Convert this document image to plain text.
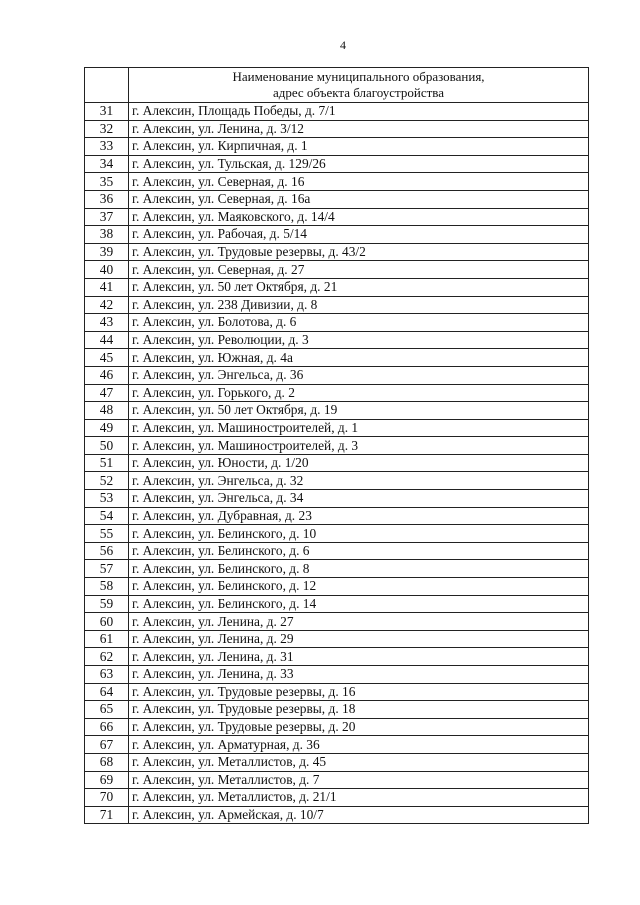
4

	Наименование муниципального образования,
адрес объекта благоустройства

31	г. Алексин, Площадь Победы, д. 7/1
32	г. Алексин, ул. Ленина, д. 3/12
33	г. Алексин, ул. Кирпичная, д. 1
34	г. Алексин, ул. Тульская, д. 129/26
35	г. Алексин, ул. Северная, д. 16
36	г. Алексин, ул. Северная, д. 16а
37	г. Алексин, ул. Маяковского, д. 14/4
38	г. Алексин, ул. Рабочая, д. 5/14
39	г. Алексин, ул. Трудовые резервы, д. 43/2
40	г. Алексин, ул. Северная, д. 27
41	г. Алексин, ул. 50 лет Октября, д. 21
42	г. Алексин, ул. 238 Дивизии, д. 8
43	г. Алексин, ул. Болотова, д. 6
44	г. Алексин, ул. Революции, д. 3
45	г. Алексин, ул. Южная, д. 4а
46	г. Алексин, ул. Энгельса, д. 36
47	г. Алексин, ул. Горького, д. 2
48	г. Алексин, ул. 50 лет Октября, д. 19
49	г. Алексин, ул. Машиностроителей, д. 1
50	г. Алексин, ул. Машиностроителей, д. 3
51	г. Алексин, ул. Юности, д. 1/20
52	г. Алексин, ул. Энгельса, д. 32
53	г. Алексин, ул. Энгельса, д. 34
54	г. Алексин, ул. Дубравная, д. 23
55	г. Алексин, ул. Белинского, д. 10
56	г. Алексин, ул. Белинского, д. 6
57	г. Алексин, ул. Белинского, д. 8
58	г. Алексин, ул. Белинского, д. 12
59	г. Алексин, ул. Белинского, д. 14
60	г. Алексин, ул. Ленина, д. 27
61	г. Алексин, ул. Ленина, д. 29
62	г. Алексин, ул. Ленина, д. 31
63	г. Алексин, ул. Ленина, д. 33
64	г. Алексин, ул. Трудовые резервы, д. 16
65	г. Алексин, ул. Трудовые резервы, д. 18
66	г. Алексин, ул. Трудовые резервы, д. 20
67	г. Алексин, ул. Арматурная, д. 36
68	г. Алексин, ул. Металлистов, д. 45
69	г. Алексин, ул. Металлистов, д. 7
70	г. Алексин, ул. Металлистов, д. 21/1
71	г. Алексин, ул. Армейская, д. 10/7
